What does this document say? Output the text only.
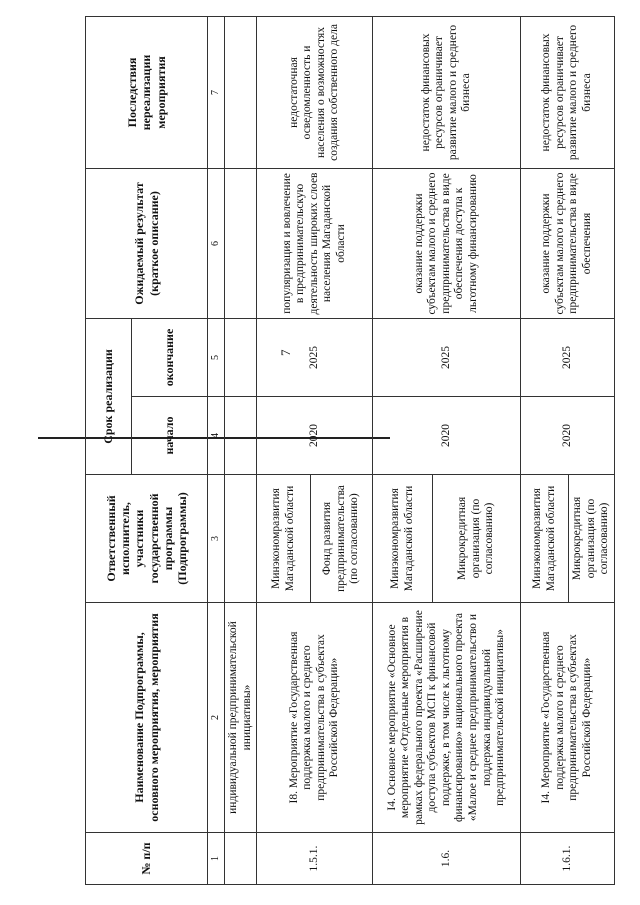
7
№ п/п	Наименование Подпрограммы, основного мероприятия, мероприятия	Ответственный исполнитель, участники государственной программы (Подпрограммы)	Срок реализации		Ожидаемый результат (краткое описание)	Последствия нереализации мероприятия
			начало	окончание		
1	2	3	4	5	6	7
	индивидуальной предпринимательской инициативы»					
1.5.1.	I8. Мероприятие «Государственная поддержка малого и среднего предпринимательства в субъектах Российской Федерации»	Минэкономразвития Магаданской области	2020	2025	популяризация и вовлечение в предпринимательскую деятельность широких слоев населения Магаданской области	недостаточная осведомленность и населения о возможностях создания собственного дела
		Фонд развития предпринимательства (по согласованию)				
1.6.	I4. Основное мероприятие «Основное мероприятие «Отдельные мероприятия в рамках федерального проекта «Расширение доступа субъектов МСП к финансовой поддержке, в том числе к льготному финансированию» национального проекта «Малое и среднее предпринимательство и поддержка индивидуальной предпринимательской инициативы»	Минэкономразвития Магаданской области	2020	2025	оказание поддержки субъектам малого и среднего предпринимательства в виде обеспечения доступа к льготному финансированию	недостаток финансовых ресурсов ограничивает развитие малого и среднего бизнеса
		Микрокредитная организация (по согласованию)				
1.6.1.	I4. Мероприятие «Государственная поддержка малого и среднего предпринимательства в субъектах Российской Федерации»	Минэкономразвития Магаданской области	2020	2025	оказание поддержки субъектам малого и среднего предпринимательства в виде обеспечения	недостаток финансовых ресурсов ограничивает развитие малого и среднего бизнеса
		Микрокредитная организация (по согласованию)				
